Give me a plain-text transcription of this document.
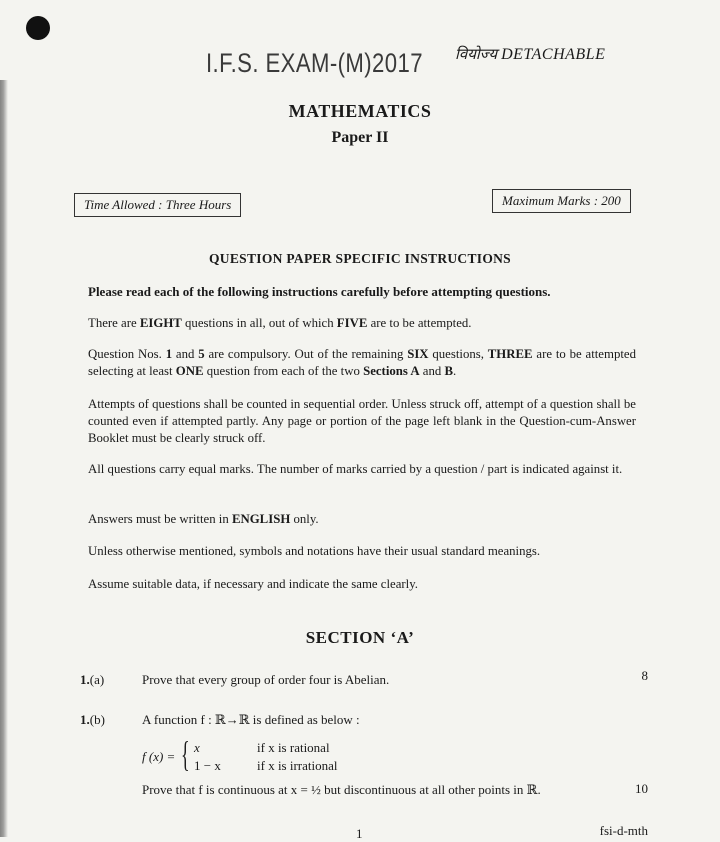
I.F.S. EXAM-(M)2017 वियोज्य DETACHABLE
MATHEMATICS
Paper II
Time Allowed : Three Hours	Maximum Marks : 200
QUESTION PAPER SPECIFIC INSTRUCTIONS
Please read each of the following instructions carefully before attempting questions.
There are EIGHT questions in all, out of which FIVE are to be attempted.
Question Nos. 1 and 5 are compulsory. Out of the remaining SIX questions, THREE are to be attempted selecting at least ONE question from each of the two Sections A and B.
Attempts of questions shall be counted in sequential order. Unless struck off, attempt of a question shall be counted even if attempted partly. Any page or portion of the page left blank in the Question-cum-Answer Booklet must be clearly struck off.
All questions carry equal marks. The number of marks carried by a question / part is indicated against it.
Answers must be written in ENGLISH only.
Unless otherwise mentioned, symbols and notations have their usual standard meanings.
Assume suitable data, if necessary and indicate the same clearly.
SECTION ‘A’
1.(a)	Prove that every group of order four is Abelian.	8
1.(b)	A function f : ℝ→ℝ is defined as below :
f (x) = { x	if x is rational
1 − x	if x is irrational
Prove that f is continuous at x = ½ but discontinuous at all other points in ℝ.	10
1	fsi-d-mth
